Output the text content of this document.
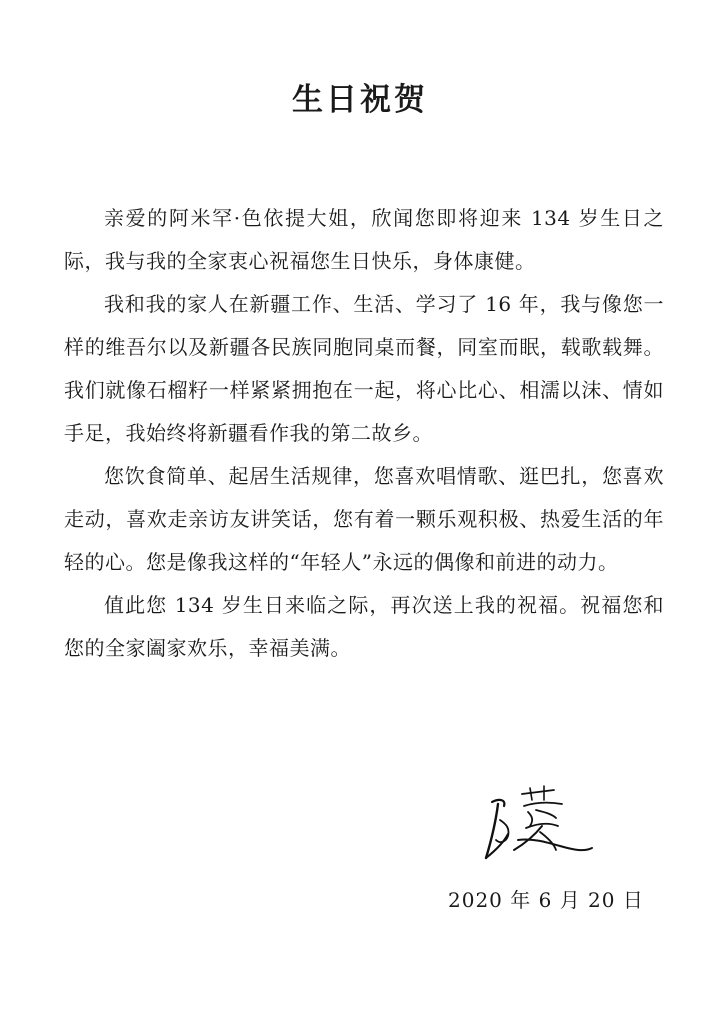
生日祝贺

亲爱的阿米罕·色依提大姐，欣闻您即将迎来 134 岁生日之际，我与我的全家衷心祝福您生日快乐，身体康健。

我和我的家人在新疆工作、生活、学习了 16 年，我与像您一样的维吾尔以及新疆各民族同胞同桌而餐，同室而眠，载歌载舞。我们就像石榴籽一样紧紧拥抱在一起，将心比心、相濡以沫、情如手足，我始终将新疆看作我的第二故乡。

您饮食简单、起居生活规律，您喜欢唱情歌、逛巴扎，您喜欢走动，喜欢走亲访友讲笑话，您有着一颗乐观积极、热爱生活的年轻的心。您是像我这样的“年轻人”永远的偶像和前进的动力。

值此您 134 岁生日来临之际，再次送上我的祝福。祝福您和您的全家阖家欢乐，幸福美满。

2020 年 6 月 20 日
